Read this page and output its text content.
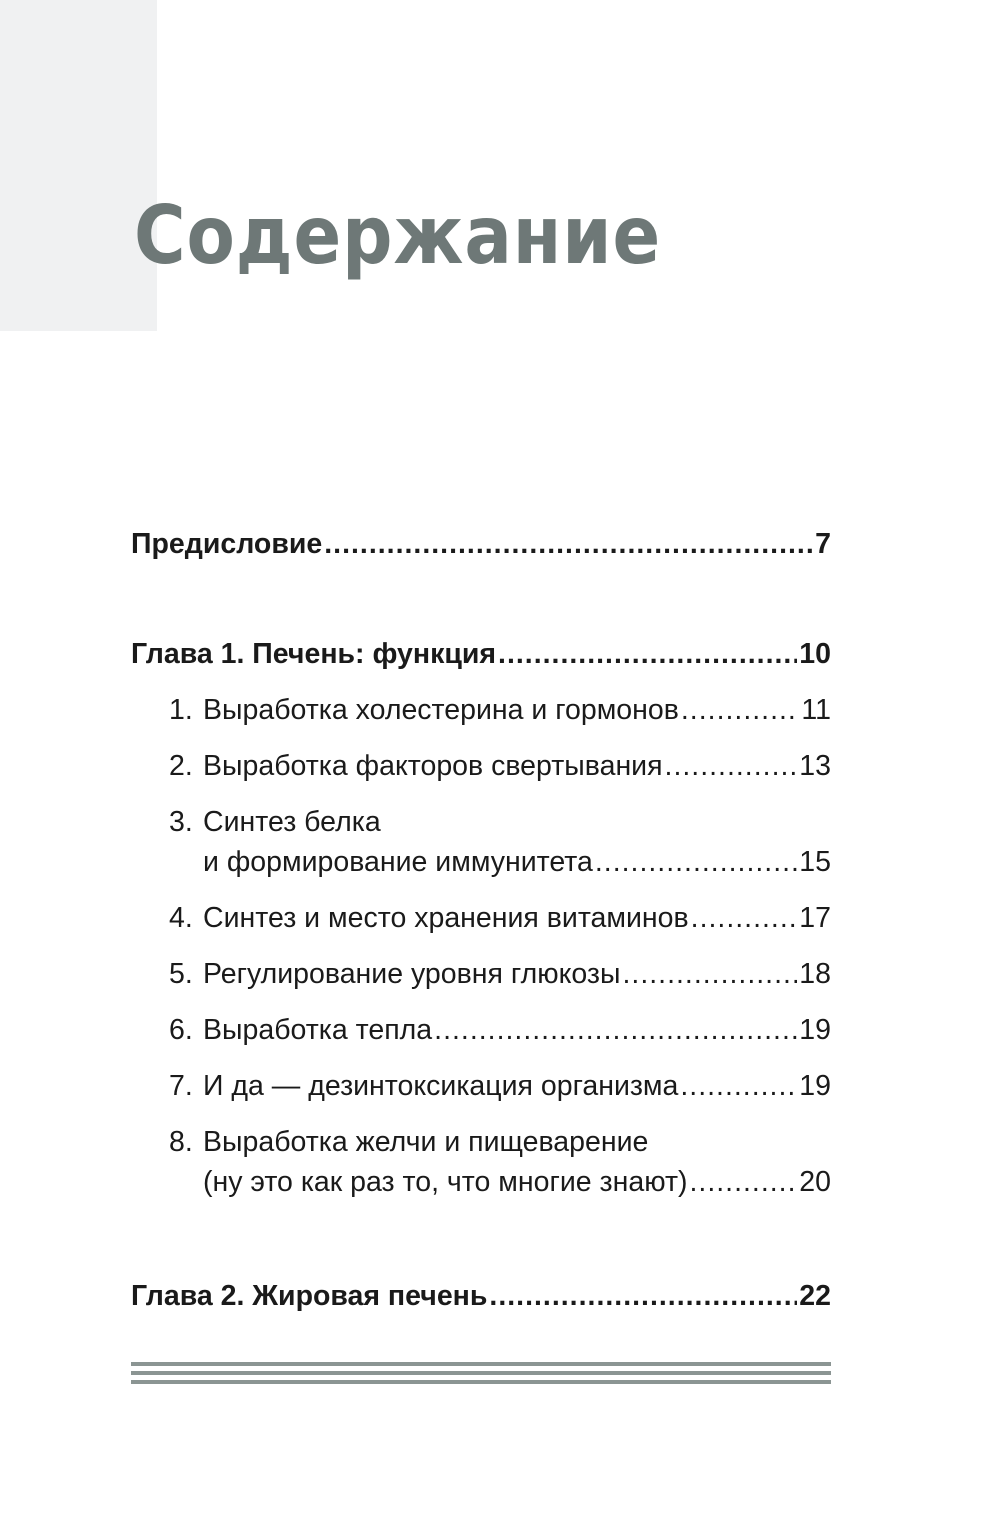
Содержание
Предисловие .....	7
Глава 1. Печень: функция .....	10
1. Выработка холестерина и гормонов .....	11
2. Выработка факторов свертывания .....	13
3. Синтез белка
и формирование иммунитета .....	15
4. Синтез и место хранения витаминов .....	17
5. Регулирование уровня глюкозы .....	18
6. Выработка тепла .....	19
7. И да — дезинтоксикация организма .....	19
8. Выработка желчи и пищеварение
(ну это как раз то, что многие знают) .....	20
Глава 2. Жировая печень .....	22
